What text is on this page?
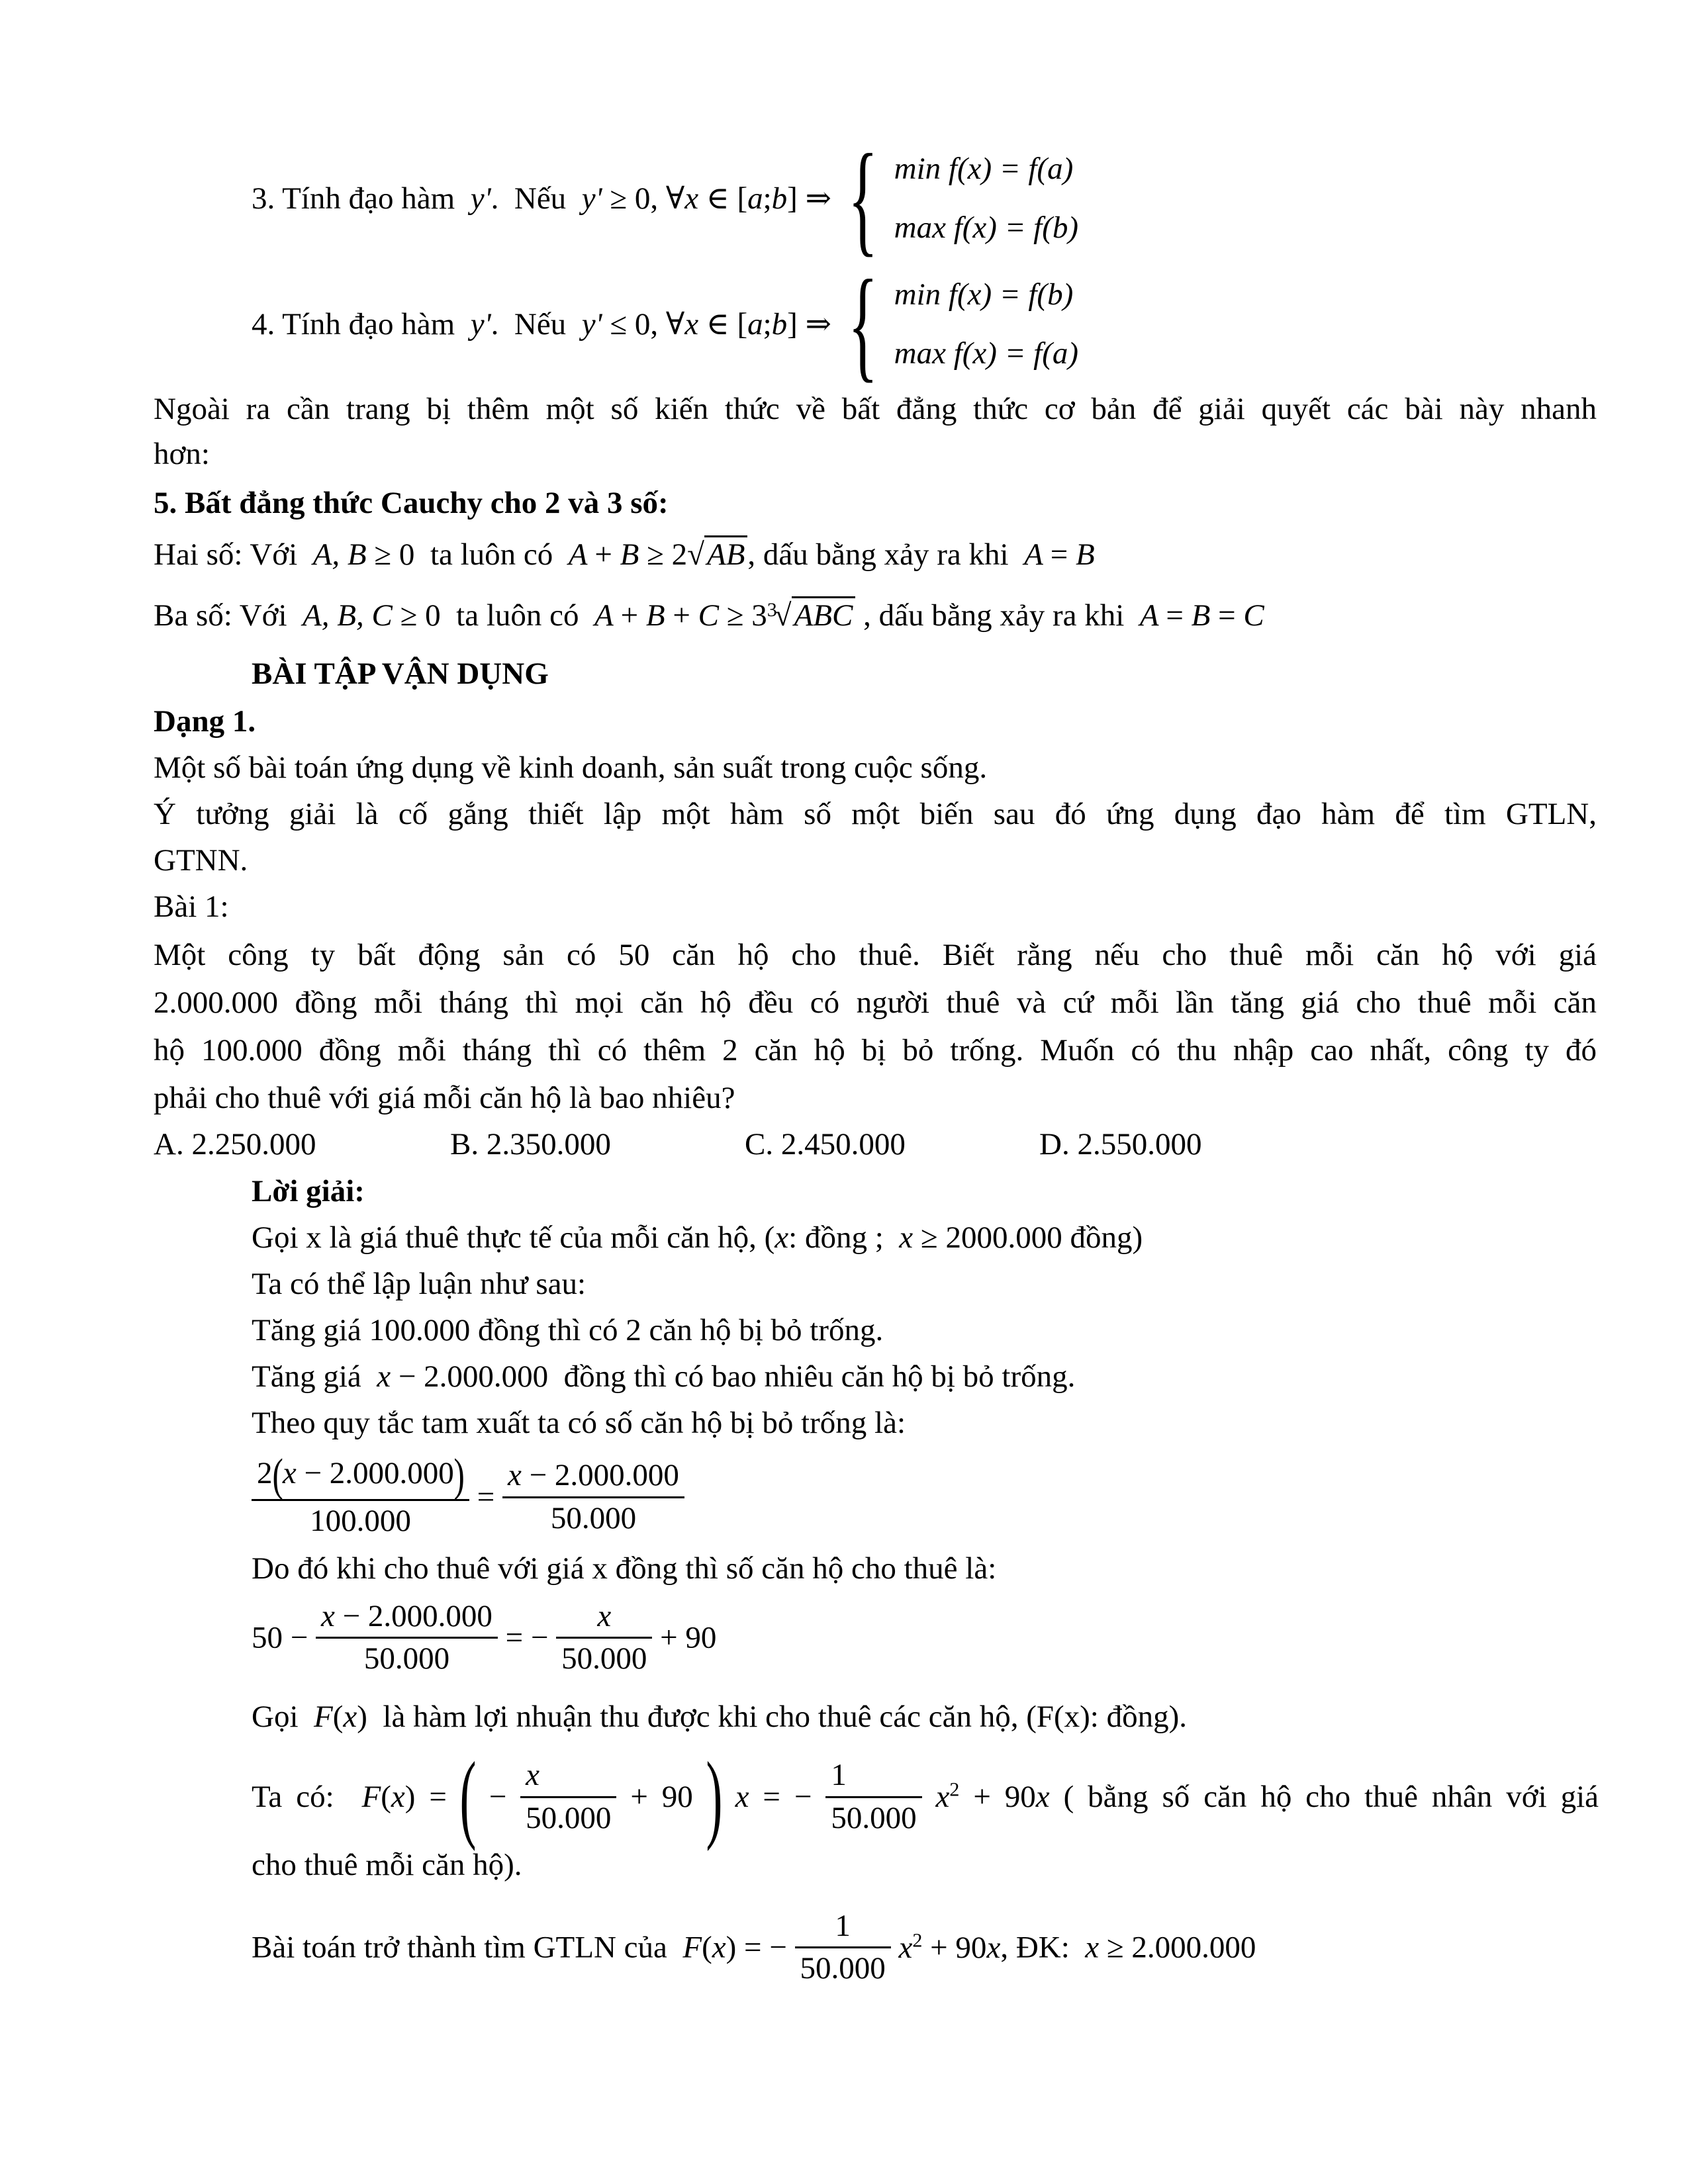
3. Tính đạo hàm  y'.  Nếu  y' ≥ 0, ∀x ∈ [a;b] ⇒ { min f(x) = f(a)
max f(x) = f(b)
4. Tính đạo hàm  y'.  Nếu  y' ≤ 0, ∀x ∈ [a;b] ⇒ { min f(x) = f(b)
max f(x) = f(a)
Ngoài ra cần trang bị thêm một số kiến thức về bất đẳng thức cơ bản để giải quyết các bài này nhanh
hơn:
5. Bất đẳng thức Cauchy cho 2 và 3 số:
Hai số: Với  A, B ≥ 0 ta luôn có  A + B ≥ 2√AB, dấu bằng xảy ra khi  A = B
Ba số: Với  A, B, C ≥ 0 ta luôn có  $A + B + C \ge 3^3√ABC$ , dấu bằng xảy ra khi  A = B = C
BÀI TẬP VẬN DỤNG
Dạng 1.
Một số bài toán ứng dụng về kinh doanh, sản suất trong cuộc sống.
Ý tưởng giải là cố gắng thiết lập một hàm số một biến sau đó ứng dụng đạo hàm để tìm GTLN,
GTNN.
Bài 1:
Một công ty bất động sản có 50 căn hộ cho thuê. Biết rằng nếu cho thuê mỗi căn hộ với giá
2.000.000 đồng mỗi tháng thì mọi căn hộ đều có người thuê và cứ mỗi lần tăng giá cho thuê mỗi căn
hộ 100.000 đồng mỗi tháng thì có thêm 2 căn hộ bị bỏ trống. Muốn có thu nhập cao nhất, công ty đó
phải cho thuê với giá mỗi căn hộ là bao nhiêu?
A. 2.250.000	B. 2.350.000	C. 2.450.000	D. 2.550.000
Lời giải:
Gọi x là giá thuê thực tế của mỗi căn hộ, (x: đồng ;  x ≥ 2000.000 đồng)
Ta có thể lập luận như sau:
Tăng giá 100.000 đồng thì có 2 căn hộ bị bỏ trống.
Tăng giá  x − 2.000.000 đồng thì có bao nhiêu căn hộ bị bỏ trống.
Theo quy tắc tam xuất ta có số căn hộ bị bỏ trống là:
$\frac{2(x - 2.000.000)}{100.000} = \frac{x - 2.000.000}{50.000}$
Do đó khi cho thuê với giá x đồng thì số căn hộ cho thuê là:
$50 - \frac{x - 2.000.000}{50.000}$ = − $\frac{x}{50.000} + 90$
Gọi  F(x) là hàm lợi nhuận thu được khi cho thuê các căn hộ, (F(x): đồng).
Ta có:  F(x) = ( − $\frac{x}{50.000} + 90$ ) x = − $\frac{1}{50.000} x^2 + 90x$ ( bằng số căn hộ cho thuê nhân với giá
cho thuê mỗi căn hộ).
Bài toán trở thành tìm GTLN của  F(x) = − $\frac{1}{50.000} x^2 + 90x$, ĐK:  x ≥ 2.000.000
